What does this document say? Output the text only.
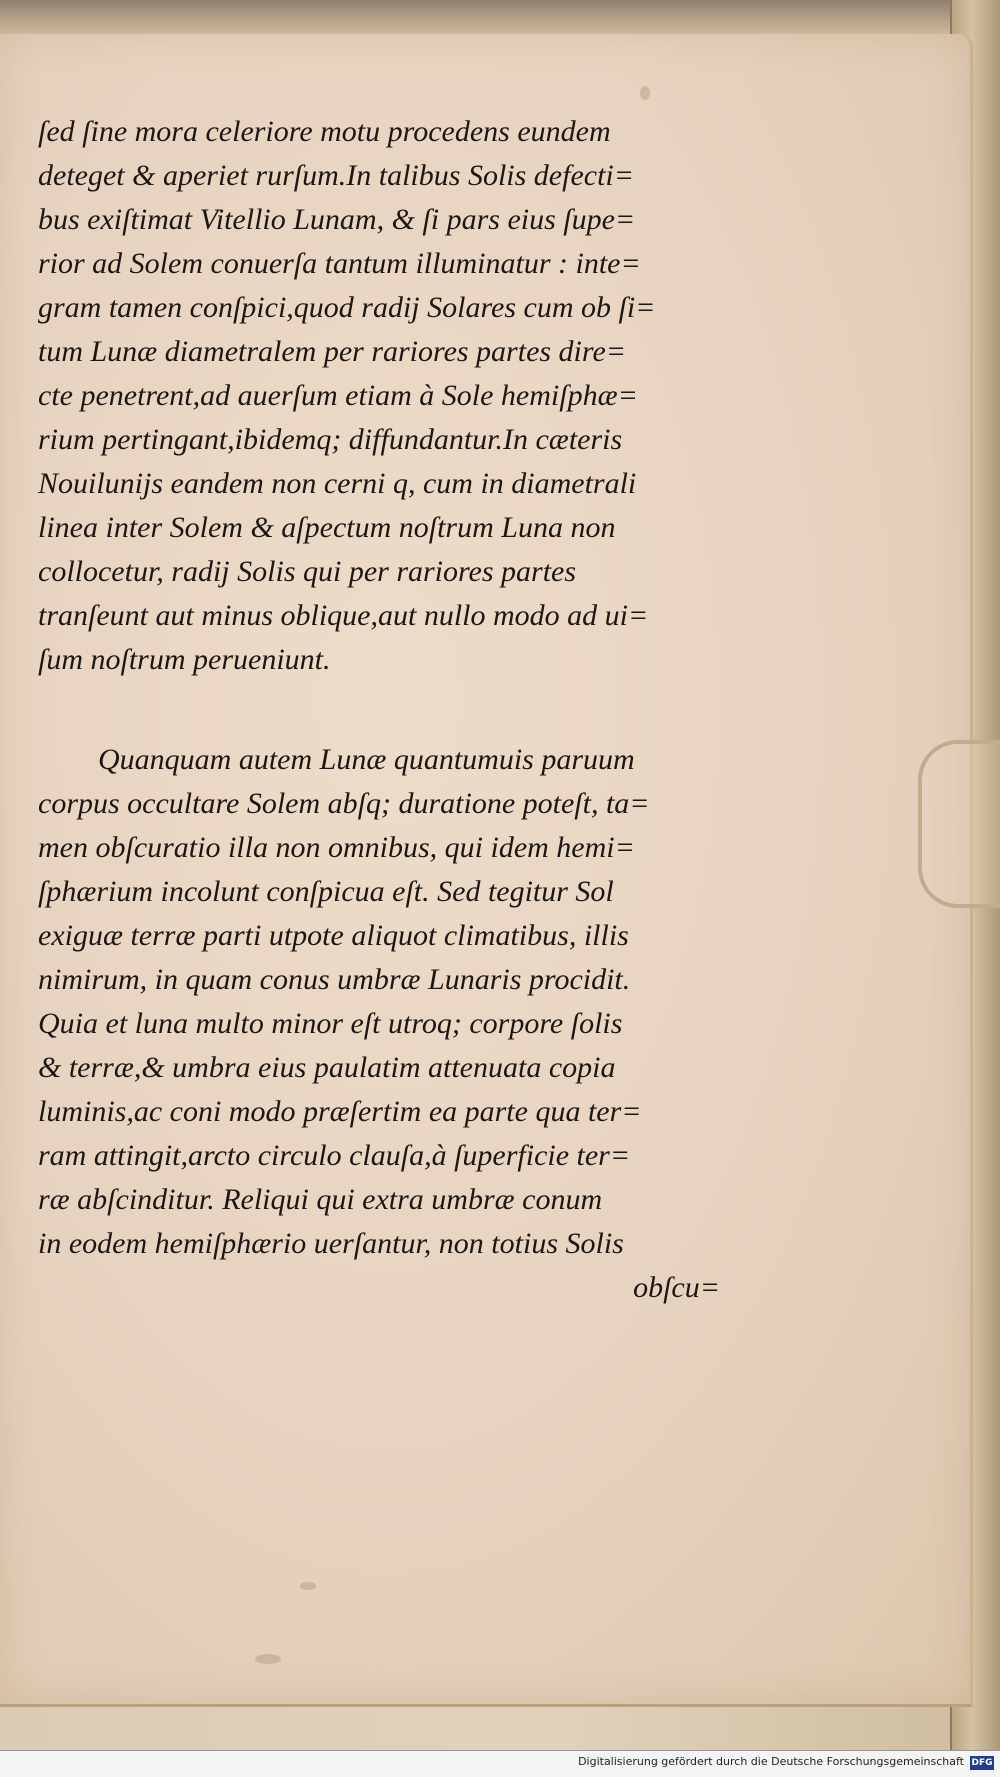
ſed ſine mora celeriore motu procedens eundem
deteget & aperiet rurſum.In talibus Solis defecti=
bus exiſtimat Vitellio Lunam, & ſi pars eius ſupe=
rior ad Solem conuerſa tantum illuminatur : inte=
gram tamen conſpici,quod radij Solares cum ob ſi=
tum Lunæ diametralem per rariores partes dire=
cte penetrent,ad auerſum etiam à Sole hemiſphæ=
rium pertingant,ibidemq; diffundantur.In cæteris
Nouilunijs eandem non cerni q, cum in diametrali
linea inter Solem & aſpectum noſtrum Luna non
collocetur, radij Solis qui per rariores partes
tranſeunt aut minus oblique,aut nullo modo ad ui=
ſum noſtrum perueniunt.
Quanquam autem Lunæ quantumuis paruum
corpus occultare Solem abſq; duratione poteſt, ta=
men obſcuratio illa non omnibus, qui idem hemi=
ſphærium incolunt conſpicua eſt. Sed tegitur Sol
exiguæ terræ parti utpote aliquot climatibus, illis
nimirum, in quam conus umbræ Lunaris procidit.
Quia et luna multo minor eſt utroq; corpore ſolis
& terræ,& umbra eius paulatim attenuata copia
luminis,ac coni modo præſertim ea parte qua ter=
ram attingit,arcto circulo clauſa,à ſuperficie ter=
ræ abſcinditur. Reliqui qui extra umbræ conum
in eodem hemiſphærio uerſantur, non totius Solis
obſcu=
Digitalisierung gefördert durch die Deutsche Forschungsgemeinschaft DFG
